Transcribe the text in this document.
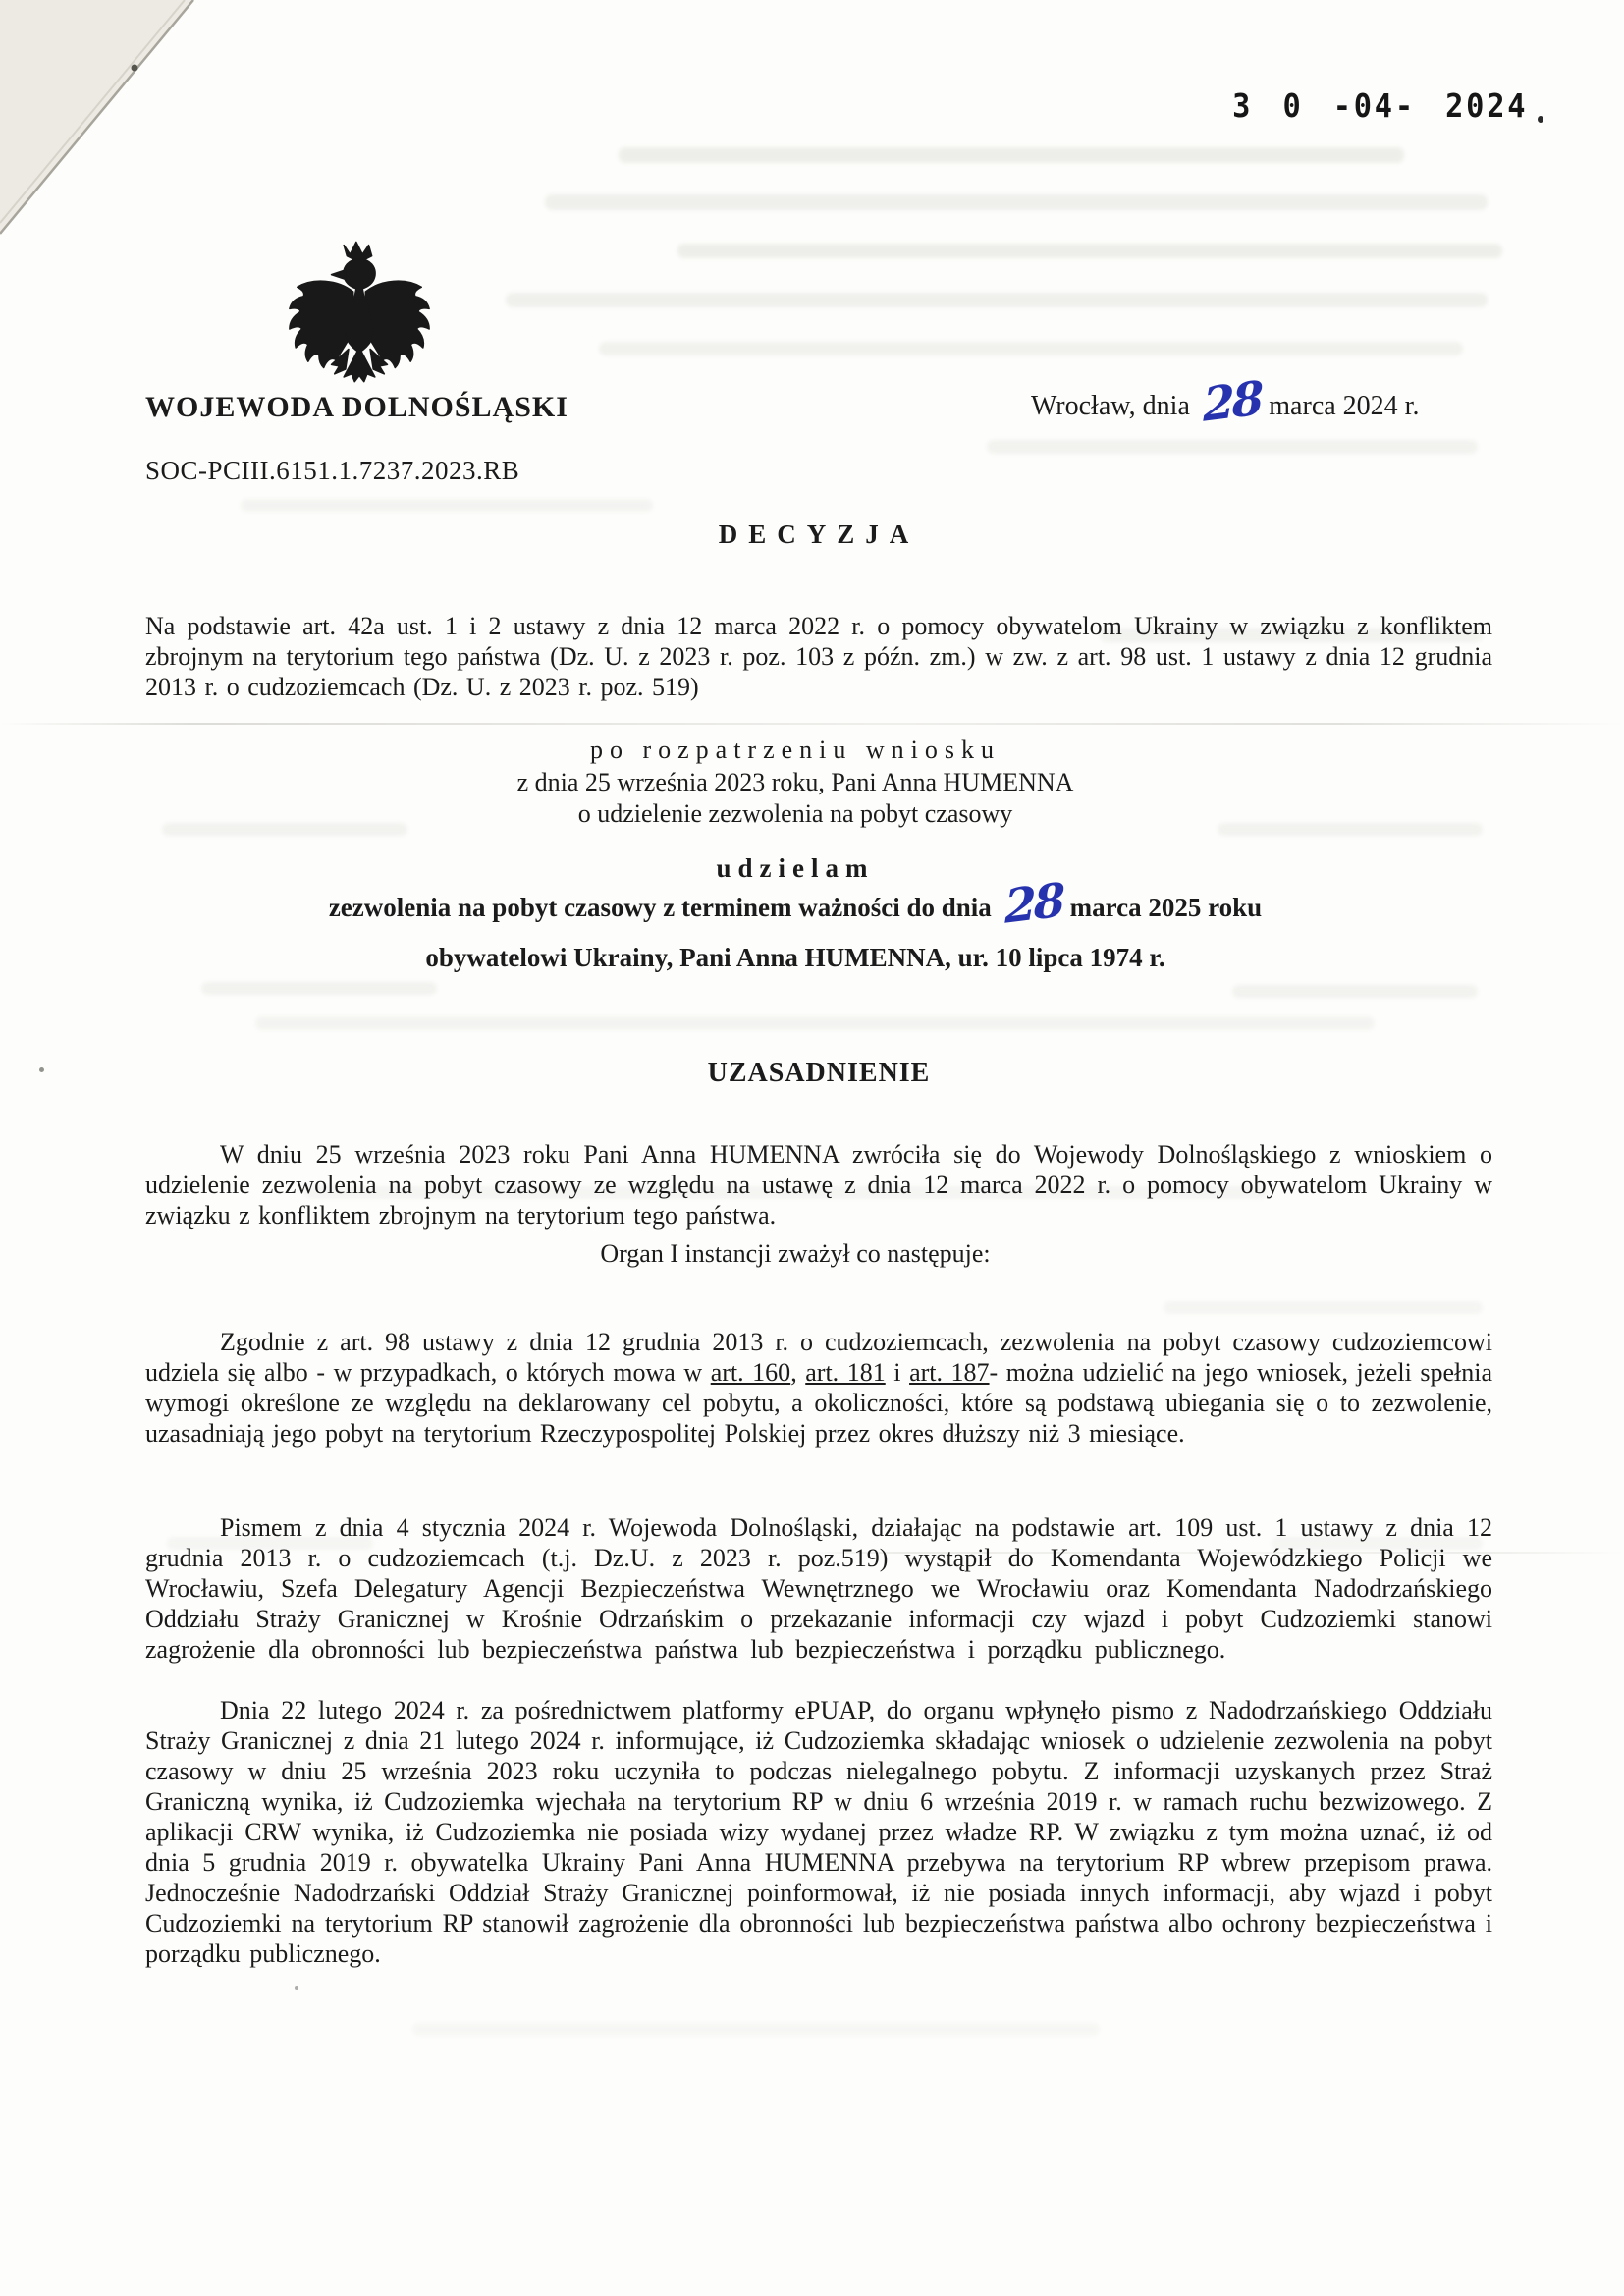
3 0 -04- 2024
WOJEWODA DOLNOŚLĄSKI	Wrocław, dnia 28 marca 2024 r.
SOC-PCIII.6151.1.7237.2023.RB
DECYZJA

Na podstawie art. 42a ust. 1 i 2 ustawy z dnia 12 marca 2022 r. o pomocy obywatelom Ukrainy w związku z konfliktem zbrojnym na terytorium tego państwa (Dz. U. z 2023 r. poz. 103 z późn. zm.) w zw. z art. 98 ust. 1 ustawy z dnia 12 grudnia 2013 r. o cudzoziemcach (Dz. U. z 2023 r. poz. 519)

po rozpatrzeniu wniosku
z dnia 25 września 2023 roku, Pani Anna HUMENNA
o udzielenie zezwolenia na pobyt czasowy
udzielam
zezwolenia na pobyt czasowy z terminem ważności do dnia 28 marca 2025 roku
obywatelowi Ukrainy, Pani Anna HUMENNA, ur. 10 lipca 1974 r.
UZASADNIENIE

W dniu 25 września 2023 roku Pani Anna HUMENNA zwróciła się do Wojewody Dolnośląskiego z wnioskiem o udzielenie zezwolenia na pobyt czasowy ze względu na ustawę z dnia 12 marca 2022 r. o pomocy obywatelom Ukrainy w związku z konfliktem zbrojnym na terytorium tego państwa.

Organ I instancji zważył co następuje:

Zgodnie z art. 98 ustawy z dnia 12 grudnia 2013 r. o cudzoziemcach, zezwolenia na pobyt czasowy cudzoziemcowi udziela się albo - w przypadkach, o których mowa w art. 160, art. 181 i art. 187- można udzielić na jego wniosek, jeżeli spełnia wymogi określone ze względu na deklarowany cel pobytu, a okoliczności, które są podstawą ubiegania się o to zezwolenie, uzasadniają jego pobyt na terytorium Rzeczypospolitej Polskiej przez okres dłuższy niż 3 miesiące.

Pismem z dnia 4 stycznia 2024 r. Wojewoda Dolnośląski, działając na podstawie art. 109 ust. 1 ustawy z dnia 12 grudnia 2013 r. o cudzoziemcach (t.j. Dz.U. z 2023 r. poz.519) wystąpił do Komendanta Wojewódzkiego Policji we Wrocławiu, Szefa Delegatury Agencji Bezpieczeństwa Wewnętrznego we Wrocławiu oraz Komendanta Nadodrzańskiego Oddziału Straży Granicznej w Krośnie Odrzańskim o przekazanie informacji czy wjazd i pobyt Cudzoziemki stanowi zagrożenie dla obronności lub bezpieczeństwa państwa lub bezpieczeństwa i porządku publicznego.

Dnia 22 lutego 2024 r. za pośrednictwem platformy ePUAP, do organu wpłynęło pismo z Nadodrzańskiego Oddziału Straży Granicznej z dnia 21 lutego 2024 r. informujące, iż Cudzoziemka składając wniosek o udzielenie zezwolenia na pobyt czasowy w dniu 25 września 2023 roku uczyniła to podczas nielegalnego pobytu. Z informacji uzyskanych przez Straż Graniczną wynika, iż Cudzoziemka wjechała na terytorium RP w dniu 6 września 2019 r. w ramach ruchu bezwizowego. Z aplikacji CRW wynika, iż Cudzoziemka nie posiada wizy wydanej przez władze RP. W związku z tym można uznać, iż od dnia 5 grudnia 2019 r. obywatelka Ukrainy Pani Anna HUMENNA przebywa na terytorium RP wbrew przepisom prawa. Jednocześnie Nadodrzański Oddział Straży Granicznej poinformował, iż nie posiada innych informacji, aby wjazd i pobyt Cudzoziemki na terytorium RP stanowił zagrożenie dla obronności lub bezpieczeństwa państwa albo ochrony bezpieczeństwa i porządku publicznego.
